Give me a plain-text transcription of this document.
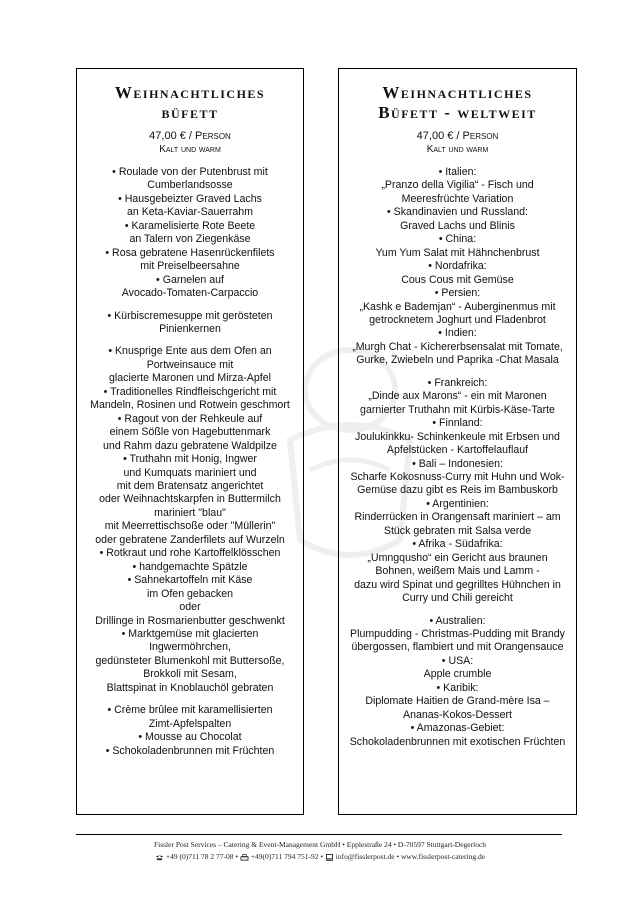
Weihnachtliches
büfett
47,00 € / Person
Kalt und warm
• Roulade von der Putenbrust mit
Cumberlandsosse
• Hausgebeizter Graved Lachs
an Keta-Kaviar-Sauerrahm
• Karamelisierte Rote Beete
an Talern von Ziegenkäse
• Rosa gebratene Hasenrückenfilets
mit Preiselbeersahne
• Garnelen auf
Avocado-Tomaten-Carpaccio
• Kürbiscremesuppe mit gerösteten
Pinienkernen
• Knusprige Ente aus dem Ofen an
Portweinsauce mit
glacierte Maronen und Mirza-Apfel
• Traditionelles Rindfleischgericht mit
Mandeln, Rosinen und Rotwein geschmort
• Ragout von der Rehkeule auf
einem Sößle von Hagebuttenmark
und Rahm dazu gebratene Waldpilze
• Truthahn mit Honig, Ingwer
und Kumquats mariniert und
mit dem Bratensatz angerichtet
oder Weihnachtskarpfen in Buttermilch
mariniert "blau"
mit Meerrettischsoße oder "Müllerin"
oder gebratene Zanderfilets auf Wurzeln
• Rotkraut und rohe Kartoffelklösschen
• handgemachte Spätzle
• Sahnekartoffeln mit Käse
im Ofen gebacken
oder
Drillinge in Rosmarienbutter geschwenkt
• Marktgemüse mit glacierten
Ingwermöhrchen,
gedünsteter Blumenkohl mit Buttersoße,
Brokkoli mit Sesam,
Blattspinat in Knoblauchöl gebraten
• Crème brûlee mit karamellisierten
Zimt-Apfelspalten
• Mousse au Chocolat
• Schokoladenbrunnen mit Früchten
Weihnachtliches
Büfett - weltweit
47,00 € / Person
Kalt und warm
• Italien:
„Pranzo della Vigilia“ - Fisch und
Meeresfrüchte Variation
• Skandinavien und Russland:
Graved Lachs und Blinis
• China:
Yum Yum Salat mit Hähnchenbrust
• Nordafrika:
Cous Cous mit Gemüse
• Persien:
„Kashk e Bademjan“ - Auberginenmus mit
getrocknetem Joghurt und Fladenbrot
• Indien:
„Murgh Chat - Kichererbsensalat mit Tomate,
Gurke, Zwiebeln und Paprika -Chat Masala
• Frankreich:
„Dinde aux Marons“ - ein mit Maronen
garnierter Truthahn mit Kürbis-Käse-Tarte
• Finnland:
Joulukinkku- Schinkenkeule mit Erbsen und
Apfelstücken - Kartoffelauflauf
• Bali – Indonesien:
Scharfe Kokosnuss-Curry mit Huhn und Wok-
Gemüse dazu gibt es Reis im Bambuskorb
• Argentinien:
Rinderrücken in Orangensaft mariniert – am
Stück gebraten mit Salsa verde
• Afrika - Südafrika:
„Umngqusho“ ein Gericht aus braunen
Bohnen, weißem Mais und Lamm -
dazu wird Spinat und gegrilltes Hühnchen in
Curry und Chili gereicht
• Australien:
Plumpudding - Christmas-Pudding mit Brandy
übergossen, flambiert und mit Orangensauce
• USA:
Apple crumble
• Karibik:
Diplomate Haitien de Grand-mère Isa –
Ananas-Kokos-Dessert
• Amazonas-Gebiet:
Schokoladenbrunnen mit exotischen Früchten
Fissler Post Services – Catering & Event-Management GmbH • Epplestraße 24 • D-70597 Stuttgart-Degerloch
+49 (0)711 78 2 77-08 •  +49(0)711 794 751-92 •  info@fisslerpost.de • www.fisslerpost-catering.de
